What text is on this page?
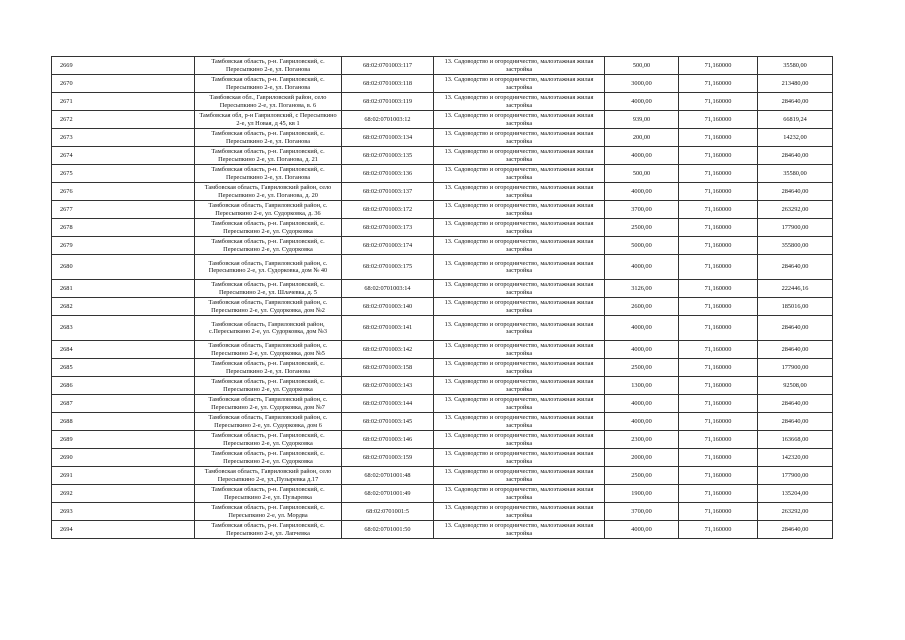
2669	Тамбовская область, р-н. Гавриловский, с. Пересыпкино 2-е, ул. Поганова	68:02:0701003:117	13. Садоводство и огородничество, малоэтажная жилая застройка	500,00	71,160000	35580,00
2670	Тамбовская область, р-н. Гавриловский, с. Пересыпкино 2-е, ул. Поганова	68:02:0701003:118	13. Садоводство и огородничество, малоэтажная жилая застройка	3000,00	71,160000	213480,00
2671	Тамбовская обл., Гавриловский район, село Пересыпкино 2-е, ул. Поганова, в. 6	68:02:0701003:119	13. Садоводство и огородничество, малоэтажная жилая застройка	4000,00	71,160000	284640,00
2672	Тамбовская обл, р-н Гавриловский, с Пересыпкино 2-е, ул Новая, д 45, кв 1	68:02:0701003:12	13. Садоводство и огородничество, малоэтажная жилая застройка	939,00	71,160000	66819,24
2673	Тамбовская область, р-н. Гавриловский, с. Пересыпкино 2-е, ул. Поганова	68:02:0701003:134	13. Садоводство и огородничество, малоэтажная жилая застройка	200,00	71,160000	14232,00
2674	Тамбовская область, р-н. Гавриловский, с. Пересыпкино 2-е, ул. Поганова, д. 21	68:02:0701003:135	13. Садоводство и огородничество, малоэтажная жилая застройка	4000,00	71,160000	284640,00
2675	Тамбовская область, р-н. Гавриловский, с. Пересыпкино 2-е, ул. Поганова	68:02:0701003:136	13. Садоводство и огородничество, малоэтажная жилая застройка	500,00	71,160000	35580,00
2676	Тамбовская область, Гавриловский район, село Пересыпкино 2-е, ул. Поганова, д. 20	68:02:0701003:137	13. Садоводство и огородничество, малоэтажная жилая застройка	4000,00	71,160000	284640,00
2677	Тамбовская область, Гавриловский район, с. Пересыпкино 2-е, ул. Судорковка, д. 36	68:02:0701003:172	13. Садоводство и огородничество, малоэтажная жилая застройка	3700,00	71,160000	263292,00
2678	Тамбовская область, р-н. Гавриловский, с. Пересыпкино 2-е, ул. Судорковка	68:02:0701003:173	13. Садоводство и огородничество, малоэтажная жилая застройка	2500,00	71,160000	177900,00
2679	Тамбовская область, р-н. Гавриловский, с. Пересыпкино 2-е, ул. Судорковка	68:02:0701003:174	13. Садоводство и огородничество, малоэтажная жилая застройка	5000,00	71,160000	355800,00
2680	Тамбовская область, Гавриловский район, с. Пересыпкино 2-е, ул. Судорковка, дом № 40	68:02:0701003:175	13. Садоводство и огородничество, малоэтажная жилая застройка	4000,00	71,160000	284640,00
2681	Тамбовская область, р-н. Гавриловский, с. Пересыпкино 2-е, ул. Шлачевка, д. 5	68:02:0701003:14	13. Садоводство и огородничество, малоэтажная жилая застройка	3126,00	71,160000	222446,16
2682	Тамбовская область, Гавриловский район, с. Пересыпкино 2-е, ул. Судорковка, дом №2	68:02:0701003:140	13. Садоводство и огородничество, малоэтажная жилая застройка	2600,00	71,160000	185016,00
2683	Тамбовская область, Гавриловский район, с.Пересыпкино 2-е, ул. Судорковка, дом №3	68:02:0701003:141	13. Садоводство и огородничество, малоэтажная жилая застройка	4000,00	71,160000	284640,00
2684	Тамбовская область, Гавриловский район, с. Пересыпкино 2-е, ул. Судорковка, дом №5	68:02:0701003:142	13. Садоводство и огородничество, малоэтажная жилая застройка	4000,00	71,160000	284640,00
2685	Тамбовская область, р-н. Гавриловский, с. Пересыпкино 2-е, ул. Поганова	68:02:0701003:158	13. Садоводство и огородничество, малоэтажная жилая застройка	2500,00	71,160000	177900,00
2686	Тамбовская область, р-н. Гавриловский, с. Пересыпкино 2-е, ул. Судорковка	68:02:0701003:143	13. Садоводство и огородничество, малоэтажная жилая застройка	1300,00	71,160000	92508,00
2687	Тамбовская область, Гавриловский район, с. Пересыпкино 2-е, ул. Судорковка, дом №7	68:02:0701003:144	13. Садоводство и огородничество, малоэтажная жилая застройка	4000,00	71,160000	284640,00
2688	Тамбовская область, Гавриловский район, с. Пересыпкино 2-е, ул. Судорковка, дом 6	68:02:0701003:145	13. Садоводство и огородничество, малоэтажная жилая застройка	4000,00	71,160000	284640,00
2689	Тамбовская область, р-н. Гавриловский, с. Пересыпкино 2-е, ул. Судорковка	68:02:0701003:146	13. Садоводство и огородничество, малоэтажная жилая застройка	2300,00	71,160000	163668,00
2690	Тамбовская область, р-н. Гавриловский, с. Пересыпкино 2-е, ул. Судорковка	68:02:0701003:159	13. Садоводство и огородничество, малоэтажная жилая застройка	2000,00	71,160000	142320,00
2691	Тамбовская область, Гавриловский район, село Пересыпкино 2-е, ул.,Пузыревка д.17	68:02:0701001:48	13. Садоводство и огородничество, малоэтажная жилая застройка	2500,00	71,160000	177900,00
2692	Тамбовская область, р-н. Гавриловский, с. Пересыпкино 2-е, ул. Пузыревка	68:02:0701001:49	13. Садоводство и огородничество, малоэтажная жилая застройка	1900,00	71,160000	135204,00
2693	Тамбовская область, р-н. Гавриловский, с. Пересыпкино 2-е, ул. Мордва	68:02:0701001:5	13. Садоводство и огородничество, малоэтажная жилая застройка	3700,00	71,160000	263292,00
2694	Тамбовская область, р-н. Гавриловский, с. Пересыпкино 2-е, ул. Лапчевка	68:02:0701001:50	13. Садоводство и огородничество, малоэтажная жилая застройка	4000,00	71,160000	284640,00
